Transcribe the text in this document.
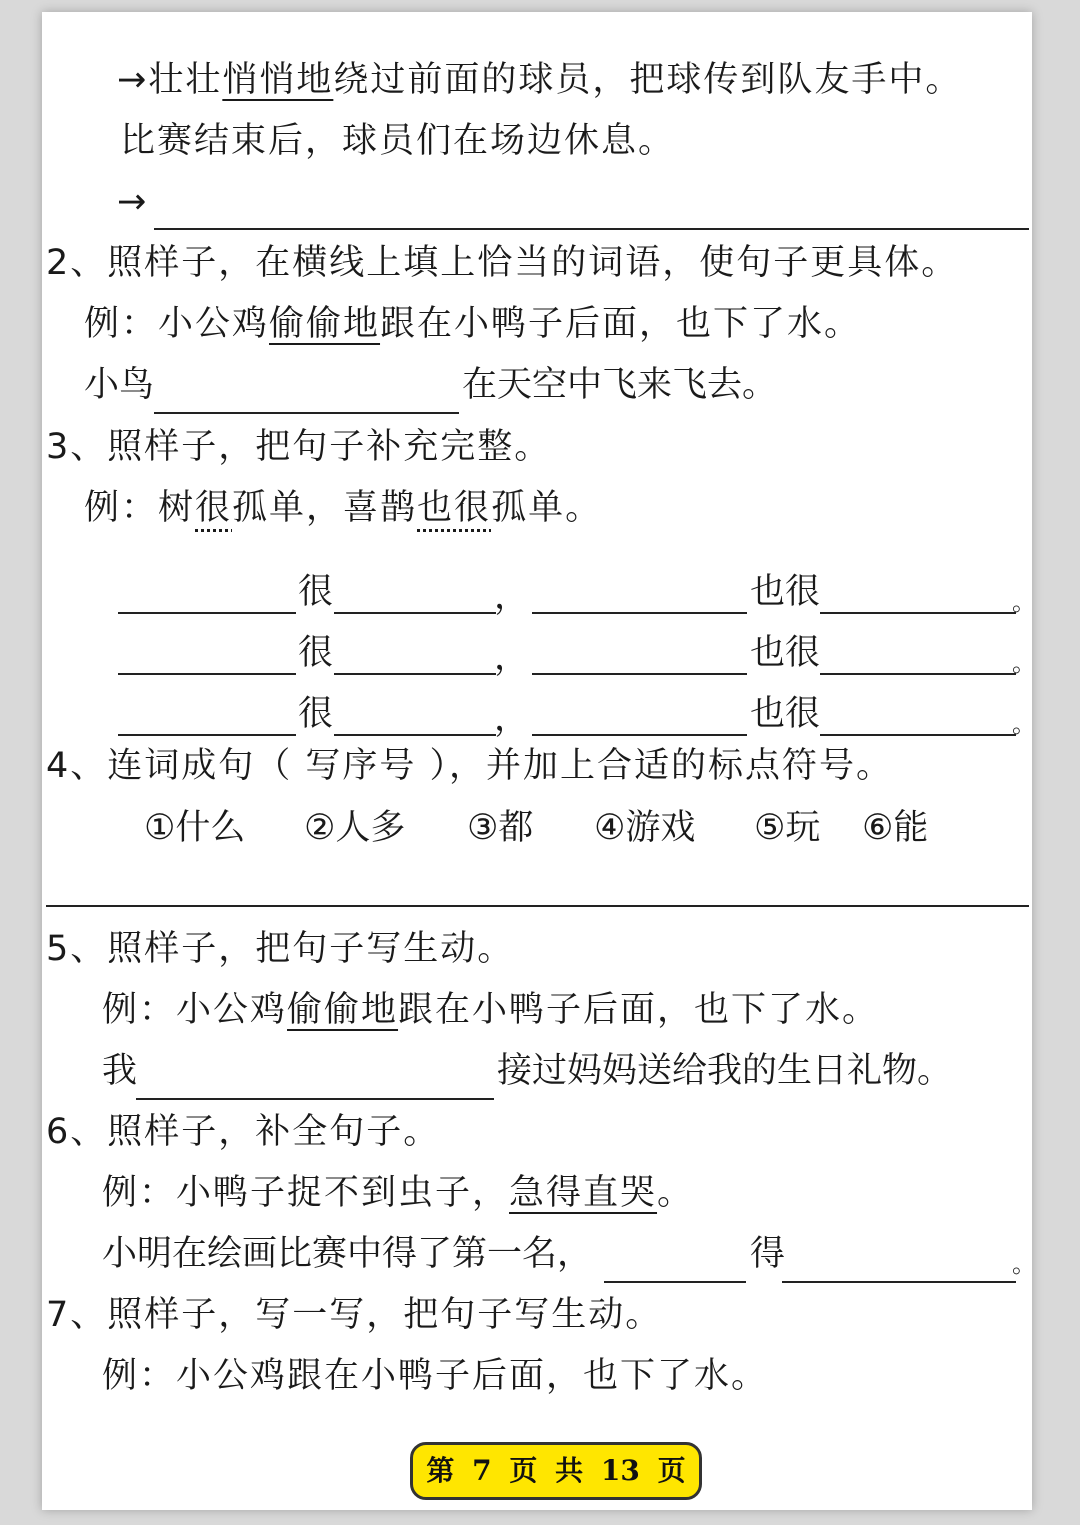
→壮壮悄悄地绕过前面的球员，把球传到队友手中。
比赛结束后，球员们在场边休息。
→
2、照样子，在横线上填上恰当的词语，使句子更具体。
例：小公鸡偷偷地跟在小鸭子后面，也下了水。
小鸟	在天空中飞来飞去。
3、照样子，把句子补充完整。
例：树很孤单，喜鹊也很孤单。
很	，	也很	。
很	，	也很	。
很	，	也很	。
4、连词成句（ 写序号 ），并加上合适的标点符号。
①什么 ②人多 ③都 ④游戏 ⑤玩 ⑥能
5、照样子，把句子写生动。
例：小公鸡偷偷地跟在小鸭子后面，也下了水。
我	接过妈妈送给我的生日礼物。
6、照样子，补全句子。
例：小鸭子捉不到虫子，急得直哭。
小明在绘画比赛中得了第一名，	得	。
7、照样子，写一写，把句子写生动。
例：小公鸡跟在小鸭子后面，也下了水。
第 7 页 共 13 页
